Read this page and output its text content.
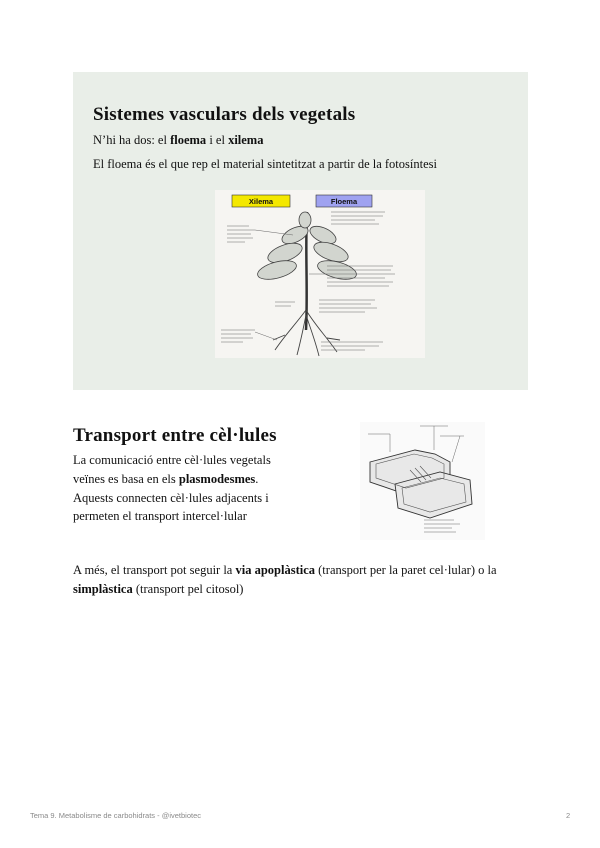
Sistemes vasculars dels vegetals
N’hi ha dos: el floema i el xilema
El floema és el que rep el material sintetitzat a partir de la fotosíntesi
Xilema	Floema
Transport entre cèl·lules
La comunicació entre cèl·lules vegetals
veïnes es basa en els plasmodesmes.
Aquests connecten cèl·lules adjacents i
permeten el transport intercel·lular
A més, el transport pot seguir la via apoplàstica (transport per la paret cel·lular) o la
simplàstica (transport pel citosol)
Tema 9. Metabolisme de carbohidrats - @ivetbiotec	2
